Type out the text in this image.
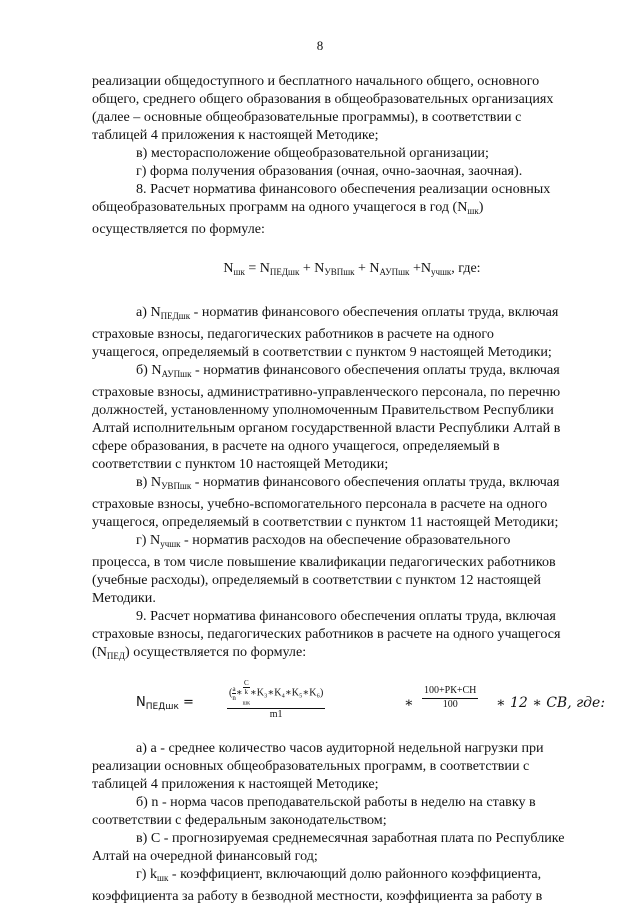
8

реализации общедоступного и бесплатного начального общего, основного

общего, среднего общего образования в общеобразовательных организациях

(далее – основные общеобразовательные программы), в соответствии с

таблицей 4 приложения к настоящей Методике;

в) месторасположение общеобразовательной организации;

г) форма получения образования (очная, очно-заочная, заочная).

8. Расчет норматива финансового обеспечения реализации основных

общеобразовательных программ на одного учащегося в год $(N_{шк})$

осуществляется по формуле:

$N_{шк} = N_{ПЕДшк} + N_{УВПшк} + N_{АУПшк} +N_{учшк}$, где:

а) $N_{ПЕДшк}$ - норматив финансового обеспечения оплаты труда, включая

страховые взносы, педагогических работников в расчете на одного

учащегося, определяемый в соответствии с пунктом 9 настоящей Методики;

б) $N_{АУПшк}$ - норматив финансового обеспечения оплаты труда, включая

страховые взносы, административно-управленческого персонала, по перечню

должностей, установленному уполномоченным Правительством Республики

Алтай исполнительным органом государственной власти Республики Алтай в

сфере образования, в расчете на одного учащегося, определяемый в

соответствии с пунктом 10 настоящей Методики;

в) $N_{УВПшк}$ - норматив финансового обеспечения оплаты труда, включая

страховые взносы, учебно-вспомогательного персонала в расчете на одного

учащегося, определяемый в соответствии с пунктом 11 настоящей Методики;

г) $N_{учшк}$ - норматив расходов на обеспечение образовательного

процесса, в том числе повышение квалификации педагогических работников

(учебные расходы), определяемый в соответствии с пунктом 12 настоящей

Методики.

9. Расчет норматива финансового обеспечения оплаты труда, включая

страховые взносы, педагогических работников в расчете на одного учащегося

$(N_{ПЕД})$ осуществляется по формуле:

$N_{ПЕДшк}$ =
( $\frac{a}{n}$ ∗
C
k
$_{шк}$
∗K₃∗K₄∗K₅∗K₆)
m1
∗
100+РК+СН
100	∗ 12 ∗ СВ, где:

а) а - среднее количество часов аудиторной недельной нагрузки при

реализации основных общеобразовательных программ, в соответствии с

таблицей 4 приложения к настоящей Методике;

б) n - норма часов преподавательской работы в неделю на ставку в

соответствии с федеральным законодательством;

в) С - прогнозируемая среднемесячная заработная плата по Республике

Алтай на очередной финансовый год;

г) $k_{шк}$ - коэффициент, включающий долю районного коэффициента,

коэффициента за работу в безводной местности, коэффициента за работу в
